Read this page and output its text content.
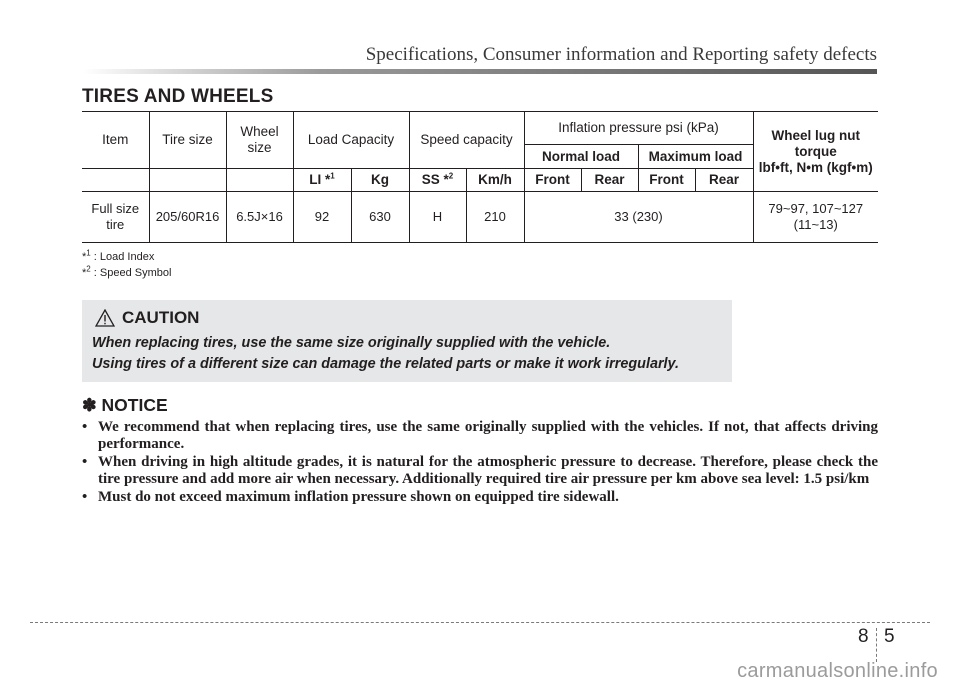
Specifications, Consumer information and Reporting safety defects
TIRES AND WHEELS
Item	Tire size	Wheel size	Load Capacity		Speed capacity		Inflation pressure psi (kPa)				Wheel lug nut torque
lbf•ft, N•m (kgf•m)
							Normal load		Maximum load		
			LI *$^1$	Kg	SS *$^2$	Km/h	Front	Rear	Front	Rear	
Full size tire	205/60R16	6.5J×16	92	630	H	210	33 (230)				79~97, 107~127 (11~13)
*$^1$ : Load Index
*$^2$ : Speed Symbol
CAUTION
When replacing tires, use the same size originally supplied with the vehicle.
Using tires of a different size can damage the related parts or make it work irregularly.
✽ NOTICE
• We recommend that when replacing tires, use the same originally supplied with the vehicles. If not, that affects driving performance.
• When driving in high altitude grades, it is natural for the atmospheric pressure to decrease. Therefore, please check the tire pressure and add more air when necessary. Additionally required tire air pressure per km above sea level: 1.5 psi/km
• Must do not exceed maximum inflation pressure shown on equipped tire sidewall.
8 5
carmanualsonline.info
